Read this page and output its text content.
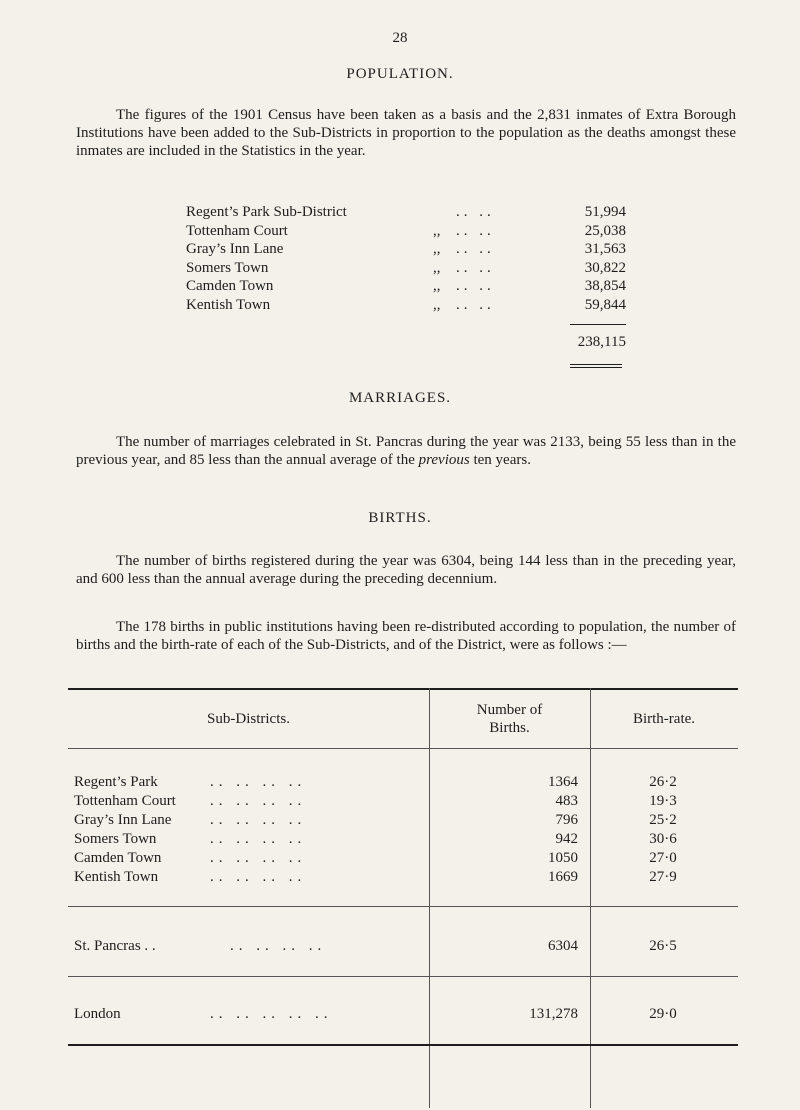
28
POPULATION.

The figures of the 1901 Census have been taken as a basis and the 2,831 inmates of Extra Borough Institutions have been added to the Sub-Districts in proportion to the population as the deaths amongst these inmates are included in the Statistics in the year.

Regent’s Park Sub-District	.. ..	51,994
Tottenham Court	,, .. ..	25,038
Gray’s Inn Lane	,, .. ..	31,563
Somers Town	,, .. ..	30,822
Camden Town	,, .. ..	38,854
Kentish Town	,, .. ..	59,844
238,115
MARRIAGES.

The number of marriages celebrated in St. Pancras during the year was 2133, being 55 less than in the previous year, and 85 less than the annual average of the previous ten years.

BIRTHS.

The number of births registered during the year was 6304, being 144 less than in the preceding year, and 600 less than the annual average during the preceding decennium.

The 178 births in public institutions having been re-distributed according to population, the number of births and the birth-rate of each of the Sub-Districts, and of the District, were as follows :—

Sub-Districts.
Number of
Births.
Birth-rate.
Regent’s Park	.. .. .. ..	1364	26·2
Tottenham Court .. .. .. ..	483	19·3
Gray’s Inn Lane	.. .. .. ..	796	25·2
Somers Town	.. .. .. ..	942	30·6
Camden Town	.. .. .. ..	1050	27·0
Kentish Town	.. .. .. ..	1669	27·9
St. Pancras . .	.. .. .. ..	6304	26·5
London	.. .. .. .. ..	131,278	29·0
